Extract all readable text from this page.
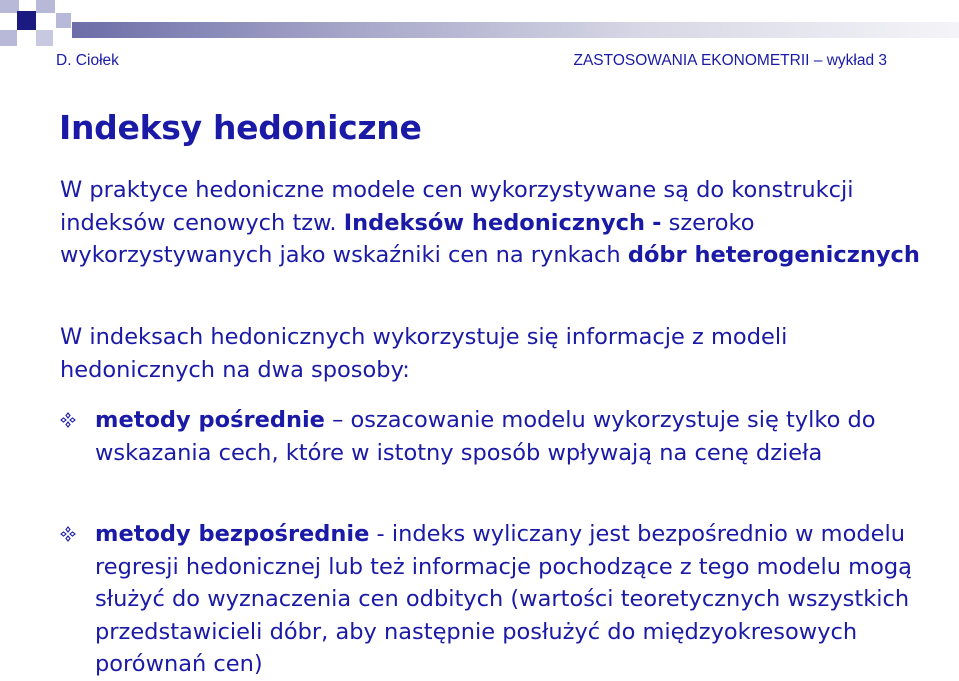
D. Ciołek	ZASTOSOWANIA EKONOMETRII – wykład 3
Indeksy hedoniczne

W praktyce hedoniczne modele cen wykorzystywane są do konstrukcji indeksów cenowych tzw. Indeksów hedonicznych - szeroko wykorzystywanych jako wskaźniki cen na rynkach dóbr heterogenicznych

W indeksach hedonicznych wykorzystuje się informacje z modeli hedonicznych na dwa sposoby:

metody pośrednie – oszacowanie modelu wykorzystuje się tylko do wskazania cech, które w istotny sposób wpływają na cenę dzieła

metody bezpośrednie - indeks wyliczany jest bezpośrednio w modelu regresji hedonicznej lub też informacje pochodzące z tego modelu mogą służyć do wyznaczenia cen odbitych (wartości teoretycznych wszystkich przedstawicieli dóbr, aby następnie posłużyć do międzyokresowych porównań cen)
